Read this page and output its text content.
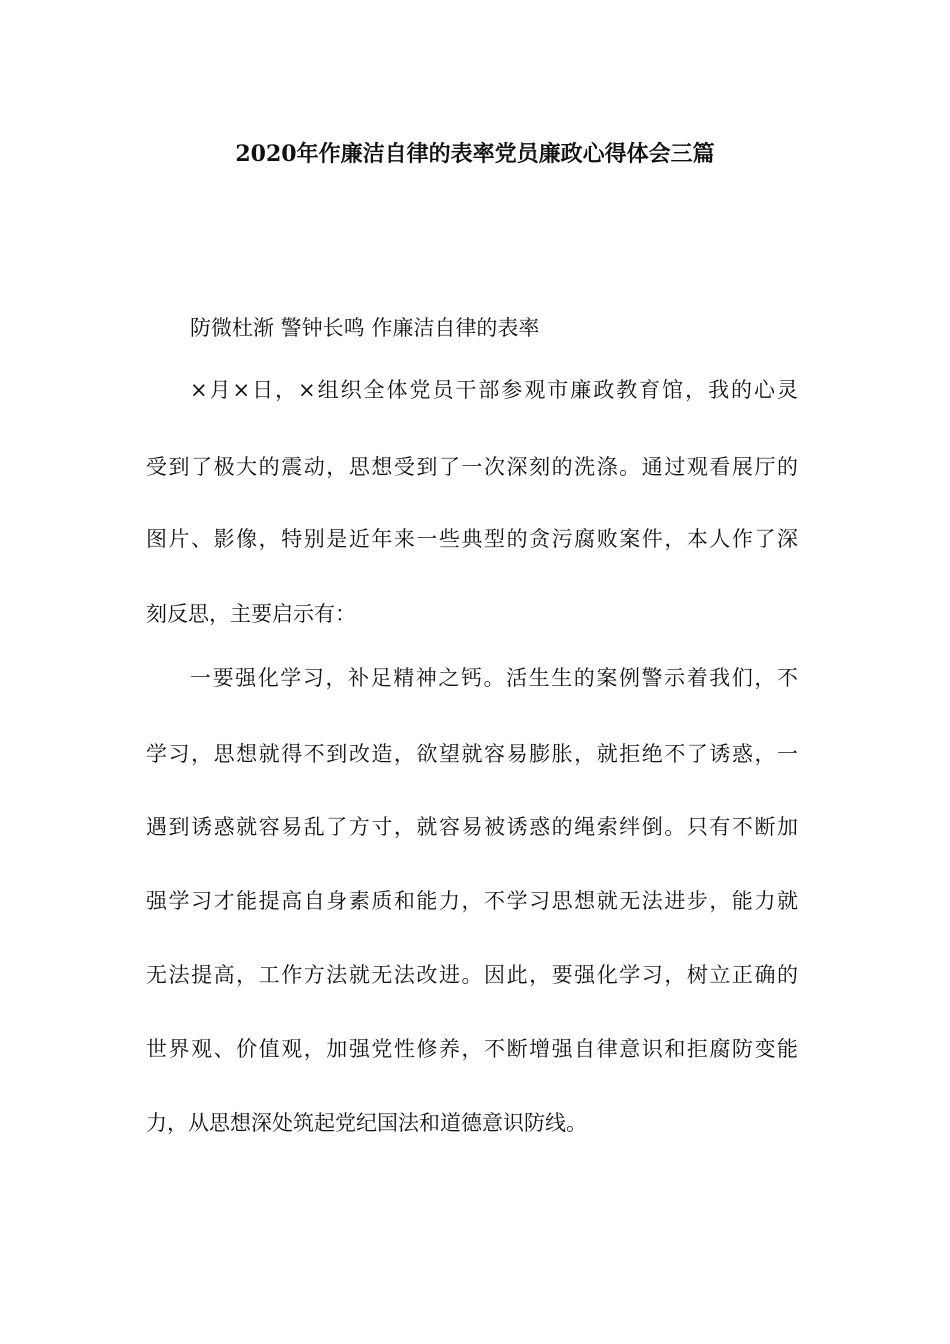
2020年作廉洁自律的表率党员廉政心得体会三篇
防微杜渐 警钟长鸣 作廉洁自律的表率
×月×日，×组织全体党员干部参观市廉政教育馆，我的心灵
受到了极大的震动，思想受到了一次深刻的洗涤。通过观看展厅的
图片、影像，特别是近年来一些典型的贪污腐败案件，本人作了深
刻反思，主要启示有：
一要强化学习，补足精神之钙。活生生的案例警示着我们，不
学习，思想就得不到改造，欲望就容易膨胀，就拒绝不了诱惑，一
遇到诱惑就容易乱了方寸，就容易被诱惑的绳索绊倒。只有不断加
强学习才能提高自身素质和能力，不学习思想就无法进步，能力就
无法提高，工作方法就无法改进。因此，要强化学习，树立正确的
世界观、价值观，加强党性修养，不断增强自律意识和拒腐防变能
力，从思想深处筑起党纪国法和道德意识防线。
